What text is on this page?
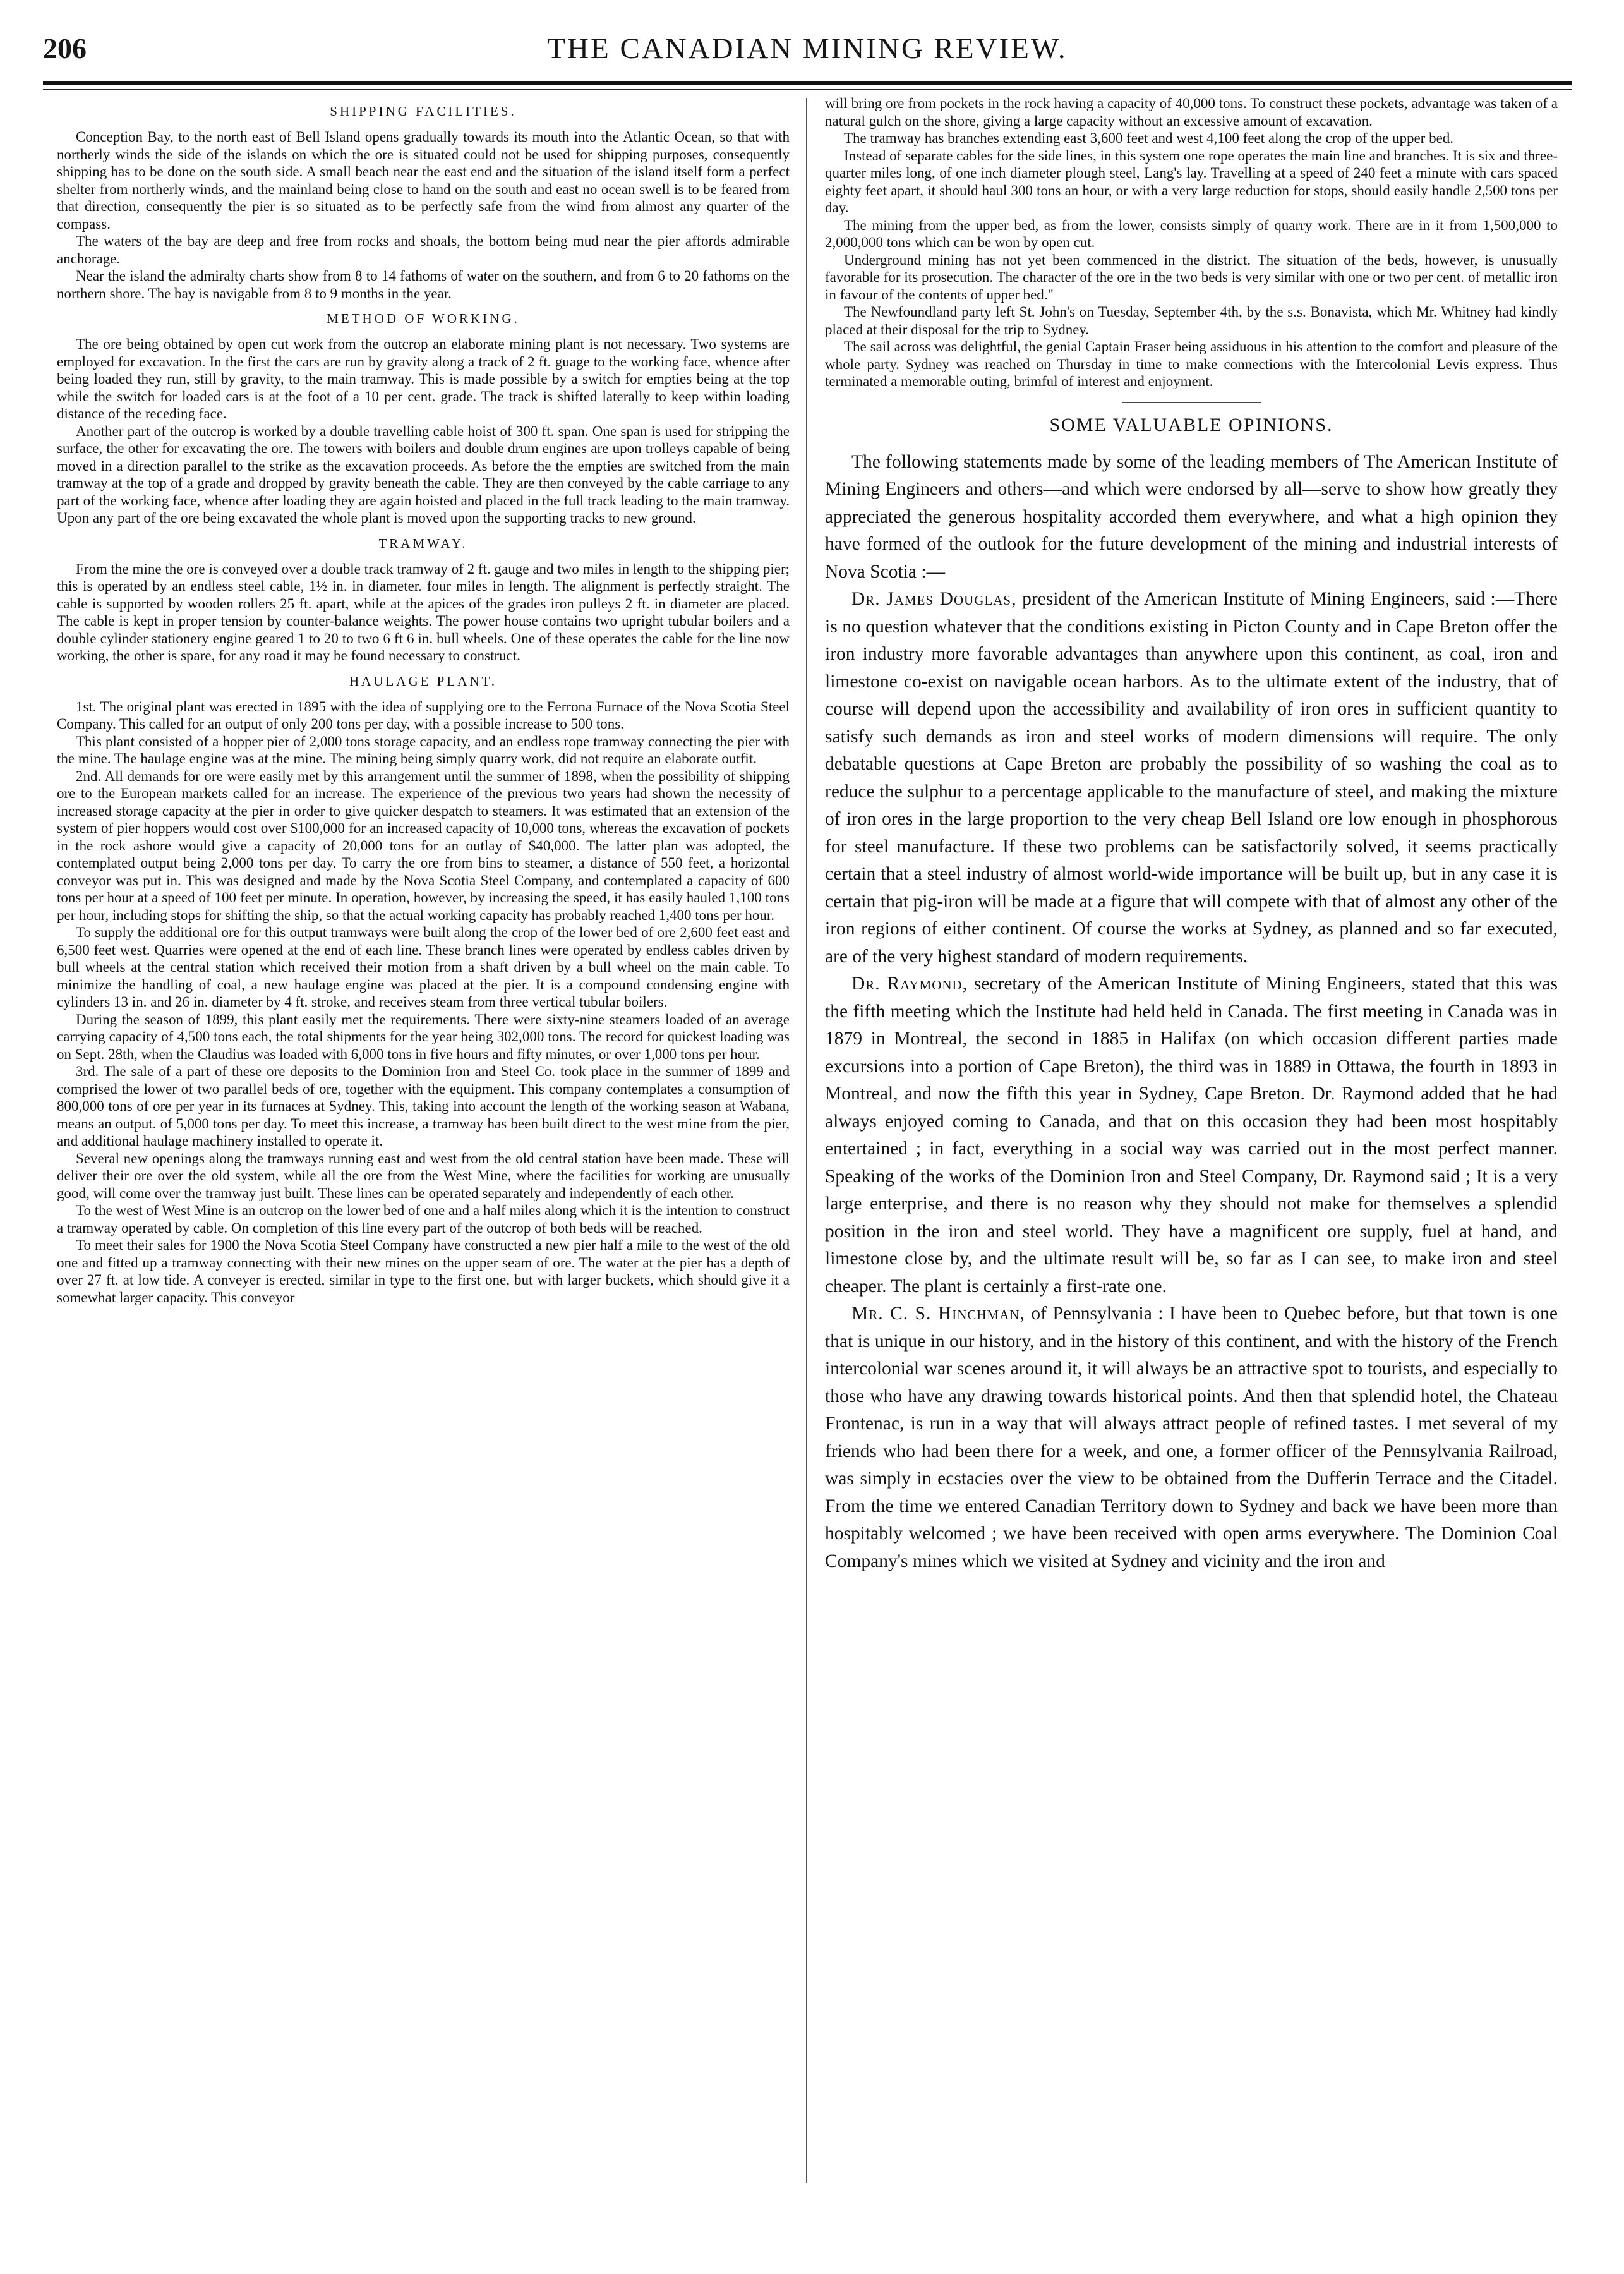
206	THE CANADIAN MINING REVIEW.
SHIPPING FACILITIES.

Conception Bay, to the north east of Bell Island opens gradually towards its mouth into the Atlantic Ocean, so that with northerly winds the side of the islands on which the ore is situated could not be used for shipping purposes, consequently shipping has to be done on the south side. A small beach near the east end and the situation of the island itself form a perfect shelter from northerly winds, and the mainland being close to hand on the south and east no ocean swell is to be feared from that direction, consequently the pier is so situated as to be perfectly safe from the wind from almost any quarter of the compass.

The waters of the bay are deep and free from rocks and shoals, the bottom being mud near the pier affords admirable anchorage.

Near the island the admiralty charts show from 8 to 14 fathoms of water on the southern, and from 6 to 20 fathoms on the northern shore. The bay is navigable from 8 to 9 months in the year.

METHOD OF WORKING.

The ore being obtained by open cut work from the outcrop an elaborate mining plant is not necessary. Two systems are employed for excavation. In the first the cars are run by gravity along a track of 2 ft. guage to the working face, whence after being loaded they run, still by gravity, to the main tramway. This is made possible by a switch for empties being at the top while the switch for loaded cars is at the foot of a 10 per cent. grade. The track is shifted laterally to keep within loading distance of the receding face.

Another part of the outcrop is worked by a double travelling cable hoist of 300 ft. span. One span is used for stripping the surface, the other for excavating the ore. The towers with boilers and double drum engines are upon trolleys capable of being moved in a direction parallel to the strike as the excavation proceeds. As before the the empties are switched from the main tramway at the top of a grade and dropped by gravity beneath the cable. They are then conveyed by the cable carriage to any part of the working face, whence after loading they are again hoisted and placed in the full track leading to the main tramway. Upon any part of the ore being excavated the whole plant is moved upon the supporting tracks to new ground.

TRAMWAY.

From the mine the ore is conveyed over a double track tramway of 2 ft. gauge and two miles in length to the shipping pier; this is operated by an endless steel cable, 1½ in. in diameter. four miles in length. The alignment is perfectly straight. The cable is supported by wooden rollers 25 ft. apart, while at the apices of the grades iron pulleys 2 ft. in diameter are placed. The cable is kept in proper tension by counter-balance weights. The power house contains two upright tubular boilers and a double cylinder stationery engine geared 1 to 20 to two 6 ft 6 in. bull wheels. One of these operates the cable for the line now working, the other is spare, for any road it may be found necessary to construct.

HAULAGE PLANT.

1st. The original plant was erected in 1895 with the idea of supplying ore to the Ferrona Furnace of the Nova Scotia Steel Company. This called for an output of only 200 tons per day, with a possible increase to 500 tons.

This plant consisted of a hopper pier of 2,000 tons storage capacity, and an endless rope tramway connecting the pier with the mine. The haulage engine was at the mine. The mining being simply quarry work, did not require an elaborate outfit.

2nd. All demands for ore were easily met by this arrangement until the summer of 1898, when the possibility of shipping ore to the European markets called for an increase. The experience of the previous two years had shown the necessity of increased storage capacity at the pier in order to give quicker despatch to steamers. It was estimated that an extension of the system of pier hoppers would cost over $100,000 for an increased capacity of 10,000 tons, whereas the excavation of pockets in the rock ashore would give a capacity of 20,000 tons for an outlay of $40,000. The latter plan was adopted, the contemplated output being 2,000 tons per day. To carry the ore from bins to steamer, a distance of 550 feet, a horizontal conveyor was put in. This was designed and made by the Nova Scotia Steel Company, and contemplated a capacity of 600 tons per hour at a speed of 100 feet per minute. In operation, however, by increasing the speed, it has easily hauled 1,100 tons per hour, including stops for shifting the ship, so that the actual working capacity has probably reached 1,400 tons per hour.

To supply the additional ore for this output tramways were built along the crop of the lower bed of ore 2,600 feet east and 6,500 feet west. Quarries were opened at the end of each line. These branch lines were operated by endless cables driven by bull wheels at the central station which received their motion from a shaft driven by a bull wheel on the main cable. To minimize the handling of coal, a new haulage engine was placed at the pier. It is a compound condensing engine with cylinders 13 in. and 26 in. diameter by 4 ft. stroke, and receives steam from three vertical tubular boilers.

During the season of 1899, this plant easily met the requirements. There were sixty-nine steamers loaded of an average carrying capacity of 4,500 tons each, the total shipments for the year being 302,000 tons. The record for quickest loading was on Sept. 28th, when the Claudius was loaded with 6,000 tons in five hours and fifty minutes, or over 1,000 tons per hour.

3rd. The sale of a part of these ore deposits to the Dominion Iron and Steel Co. took place in the summer of 1899 and comprised the lower of two parallel beds of ore, together with the equipment. This company contemplates a consumption of 800,000 tons of ore per year in its furnaces at Sydney. This, taking into account the length of the working season at Wabana, means an output. of 5,000 tons per day. To meet this increase, a tramway has been built direct to the west mine from the pier, and additional haulage machinery installed to operate it.

Several new openings along the tramways running east and west from the old central station have been made. These will deliver their ore over the old system, while all the ore from the West Mine, where the facilities for working are unusually good, will come over the tramway just built. These lines can be operated separately and independently of each other.

To the west of West Mine is an outcrop on the lower bed of one and a half miles along which it is the intention to construct a tramway operated by cable. On completion of this line every part of the outcrop of both beds will be reached.

To meet their sales for 1900 the Nova Scotia Steel Company have constructed a new pier half a mile to the west of the old one and fitted up a tramway connecting with their new mines on the upper seam of ore. The water at the pier has a depth of over 27 ft. at low tide. A conveyer is erected, similar in type to the first one, but with larger buckets, which should give it a somewhat larger capacity. This conveyor

will bring ore from pockets in the rock having a capacity of 40,000 tons. To construct these pockets, advantage was taken of a natural gulch on the shore, giving a large capacity without an excessive amount of excavation.

The tramway has branches extending east 3,600 feet and west 4,100 feet along the crop of the upper bed.

Instead of separate cables for the side lines, in this system one rope operates the main line and branches. It is six and three-quarter miles long, of one inch diameter plough steel, Lang's lay. Travelling at a speed of 240 feet a minute with cars spaced eighty feet apart, it should haul 300 tons an hour, or with a very large reduction for stops, should easily handle 2,500 tons per day.

The mining from the upper bed, as from the lower, consists simply of quarry work. There are in it from 1,500,000 to 2,000,000 tons which can be won by open cut.

Underground mining has not yet been commenced in the district. The situation of the beds, however, is unusually favorable for its prosecution. The character of the ore in the two beds is very similar with one or two per cent. of metallic iron in favour of the contents of upper bed."

The Newfoundland party left St. John's on Tuesday, September 4th, by the s.s. Bonavista, which Mr. Whitney had kindly placed at their disposal for the trip to Sydney.

The sail across was delightful, the genial Captain Fraser being assiduous in his attention to the comfort and pleasure of the whole party. Sydney was reached on Thursday in time to make connections with the Intercolonial Levis express. Thus terminated a memorable outing, brimful of interest and enjoyment.

SOME VALUABLE OPINIONS.

The following statements made by some of the leading members of The American Institute of Mining Engineers and others—and which were endorsed by all—serve to show how greatly they appreciated the generous hospitality accorded them everywhere, and what a high opinion they have formed of the outlook for the future development of the mining and industrial interests of Nova Scotia :—

Dr. James Douglas, president of the American Institute of Mining Engineers, said :—There is no question whatever that the conditions existing in Picton County and in Cape Breton offer the iron industry more favorable advantages than anywhere upon this continent, as coal, iron and limestone co-exist on navigable ocean harbors. As to the ultimate extent of the industry, that of course will depend upon the accessibility and availability of iron ores in sufficient quantity to satisfy such demands as iron and steel works of modern dimensions will require. The only debatable questions at Cape Breton are probably the possibility of so washing the coal as to reduce the sulphur to a percentage applicable to the manufacture of steel, and making the mixture of iron ores in the large proportion to the very cheap Bell Island ore low enough in phosphorous for steel manufacture. If these two problems can be satisfactorily solved, it seems practically certain that a steel industry of almost world-wide importance will be built up, but in any case it is certain that pig-iron will be made at a figure that will compete with that of almost any other of the iron regions of either continent. Of course the works at Sydney, as planned and so far executed, are of the very highest standard of modern requirements.

Dr. Raymond, secretary of the American Institute of Mining Engineers, stated that this was the fifth meeting which the Institute had held held in Canada. The first meeting in Canada was in 1879 in Montreal, the second in 1885 in Halifax (on which occasion different parties made excursions into a portion of Cape Breton), the third was in 1889 in Ottawa, the fourth in 1893 in Montreal, and now the fifth this year in Sydney, Cape Breton. Dr. Raymond added that he had always enjoyed coming to Canada, and that on this occasion they had been most hospitably entertained ; in fact, everything in a social way was carried out in the most perfect manner. Speaking of the works of the Dominion Iron and Steel Company, Dr. Raymond said ; It is a very large enterprise, and there is no reason why they should not make for themselves a splendid position in the iron and steel world. They have a magnificent ore supply, fuel at hand, and limestone close by, and the ultimate result will be, so far as I can see, to make iron and steel cheaper. The plant is certainly a first-rate one.

Mr. C. S. Hinchman, of Pennsylvania : I have been to Quebec before, but that town is one that is unique in our history, and in the history of this continent, and with the history of the French intercolonial war scenes around it, it will always be an attractive spot to tourists, and especially to those who have any drawing towards historical points. And then that splendid hotel, the Chateau Frontenac, is run in a way that will always attract people of refined tastes. I met several of my friends who had been there for a week, and one, a former officer of the Pennsylvania Railroad, was simply in ecstacies over the view to be obtained from the Dufferin Terrace and the Citadel. From the time we entered Canadian Territory down to Sydney and back we have been more than hospitably welcomed ; we have been received with open arms everywhere. The Dominion Coal Company's mines which we visited at Sydney and vicinity and the iron and
